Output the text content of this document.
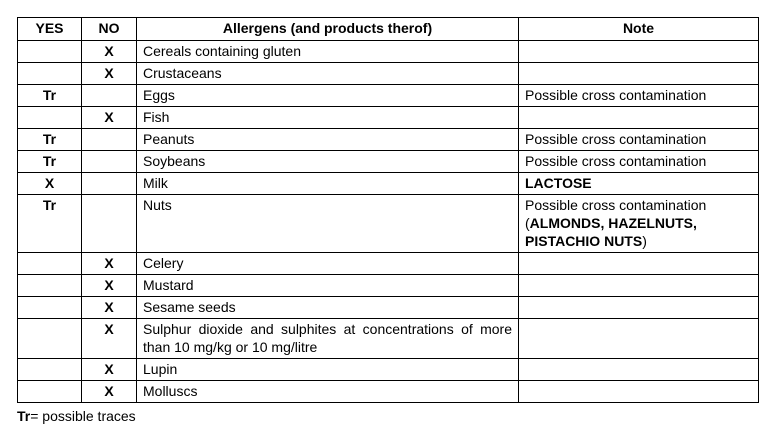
YES	NO	Allergens (and products therof)	Note
	X	Cereals containing gluten	
	X	Crustaceans	
Tr		Eggs	Possible cross contamination
	X	Fish	
Tr		Peanuts	Possible cross contamination
Tr		Soybeans	Possible cross contamination
X		Milk	LACTOSE
Tr		Nuts	Possible cross contamination
(ALMONDS, HAZELNUTS, PISTACHIO NUTS)
	X	Celery	
	X	Mustard	
	X	Sesame seeds	
	X	Sulphur dioxide and sulphites at concentrations of more than 10 mg/kg or 10 mg/litre	
	X	Lupin	
	X	Molluscs	
Tr= possible traces
